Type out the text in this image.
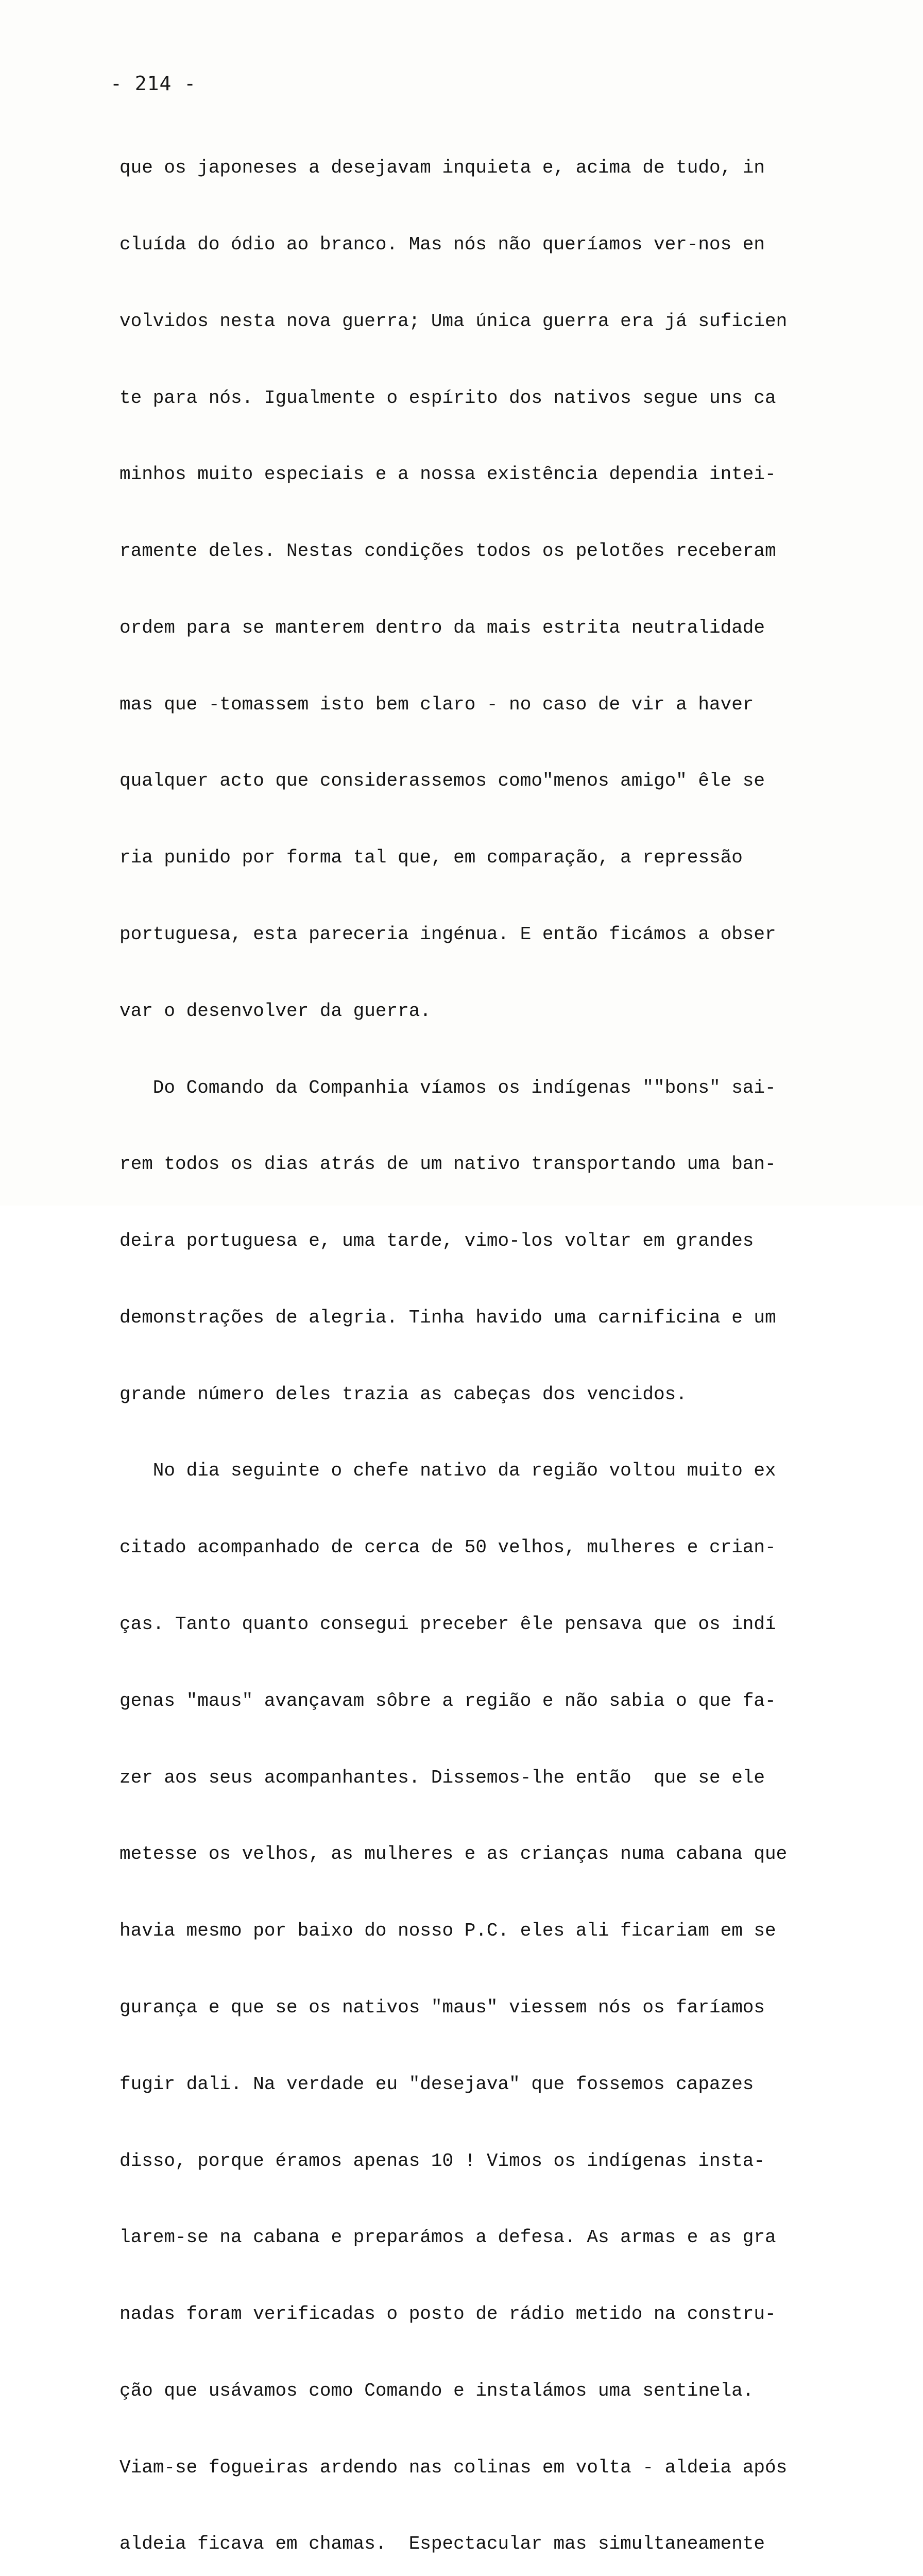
- 214 -

que os japoneses a desejavam inquieta e, acima de tudo, in

cluída do ódio ao branco. Mas nós não queríamos ver-nos en

volvidos nesta nova guerra; Uma única guerra era já suficien

te para nós. Igualmente o espírito dos nativos segue uns ca

minhos muito especiais e a nossa existência dependia intei-

ramente deles. Nestas condições todos os pelotões receberam

ordem para se manterem dentro da mais estrita neutralidade

mas que -tomassem isto bem claro - no caso de vir a haver

qualquer acto que considerassemos como"menos amigo" êle se

ria punido por forma tal que, em comparação, a repressão

portuguesa, esta pareceria ingénua. E então ficámos a obser

var o desenvolver da guerra.

Do Comando da Companhia víamos os indígenas ""bons" sai-

rem todos os dias atrás de um nativo transportando uma ban-

deira portuguesa e, uma tarde, vimo-los voltar em grandes

demonstrações de alegria. Tinha havido uma carnificina e um

grande número deles trazia as cabeças dos vencidos.

No dia seguinte o chefe nativo da região voltou muito ex

citado acompanhado de cerca de 50 velhos, mulheres e crian-

ças. Tanto quanto consegui preceber êle pensava que os indí

genas "maus" avançavam sôbre a região e não sabia o que fa-

zer aos seus acompanhantes. Dissemos-lhe então  que se ele

metesse os velhos, as mulheres e as crianças numa cabana que

havia mesmo por baixo do nosso P.C. eles ali ficariam em se

gurança e que se os nativos "maus" viessem nós os faríamos

fugir dali. Na verdade eu "desejava" que fossemos capazes

disso, porque éramos apenas 10 ! Vimos os indígenas insta-

larem-se na cabana e preparámos a defesa. As armas e as gra

nadas foram verificadas o posto de rádio metido na constru-

ção que usávamos como Comando e instalámos uma sentinela.

Viam-se fogueiras ardendo nas colinas em volta - aldeia após

aldeia ficava em chamas.  Espectacular mas simultaneamente
